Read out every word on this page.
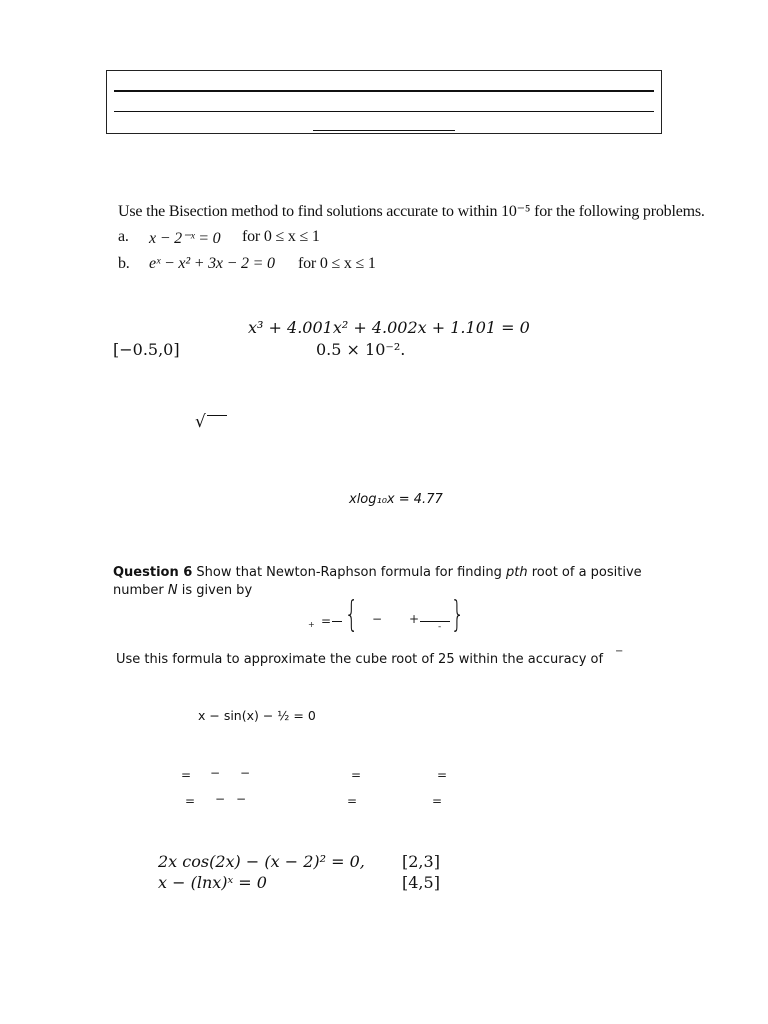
Use the Bisection method to find solutions accurate to within 10⁻⁵ for the following problems.
a. x − 2⁻ˣ = 0 for 0 ≤ x ≤ 1
b. eˣ − x² + 3x − 2 = 0 for 0 ≤ x ≤ 1
x³ + 4.001x² + 4.002x + 1.101 = 0
[−0.5,0]	0.5 × 10⁻².
√
xlog₁₀x = 4.77
Question 6 Show that Newton-Raphson formula for finding pth root of a positive
number N is given by
+ = { − +
- }
Use this formula to approximate the cube root of 25 within the accuracy of
−
x − sin(x) − ½ = 0
= − −	=	=
= − −	=	=
2x cos(2x) − (x − 2)² = 0, [2,3]
x − (lnx)ˣ = 0	[4,5]
